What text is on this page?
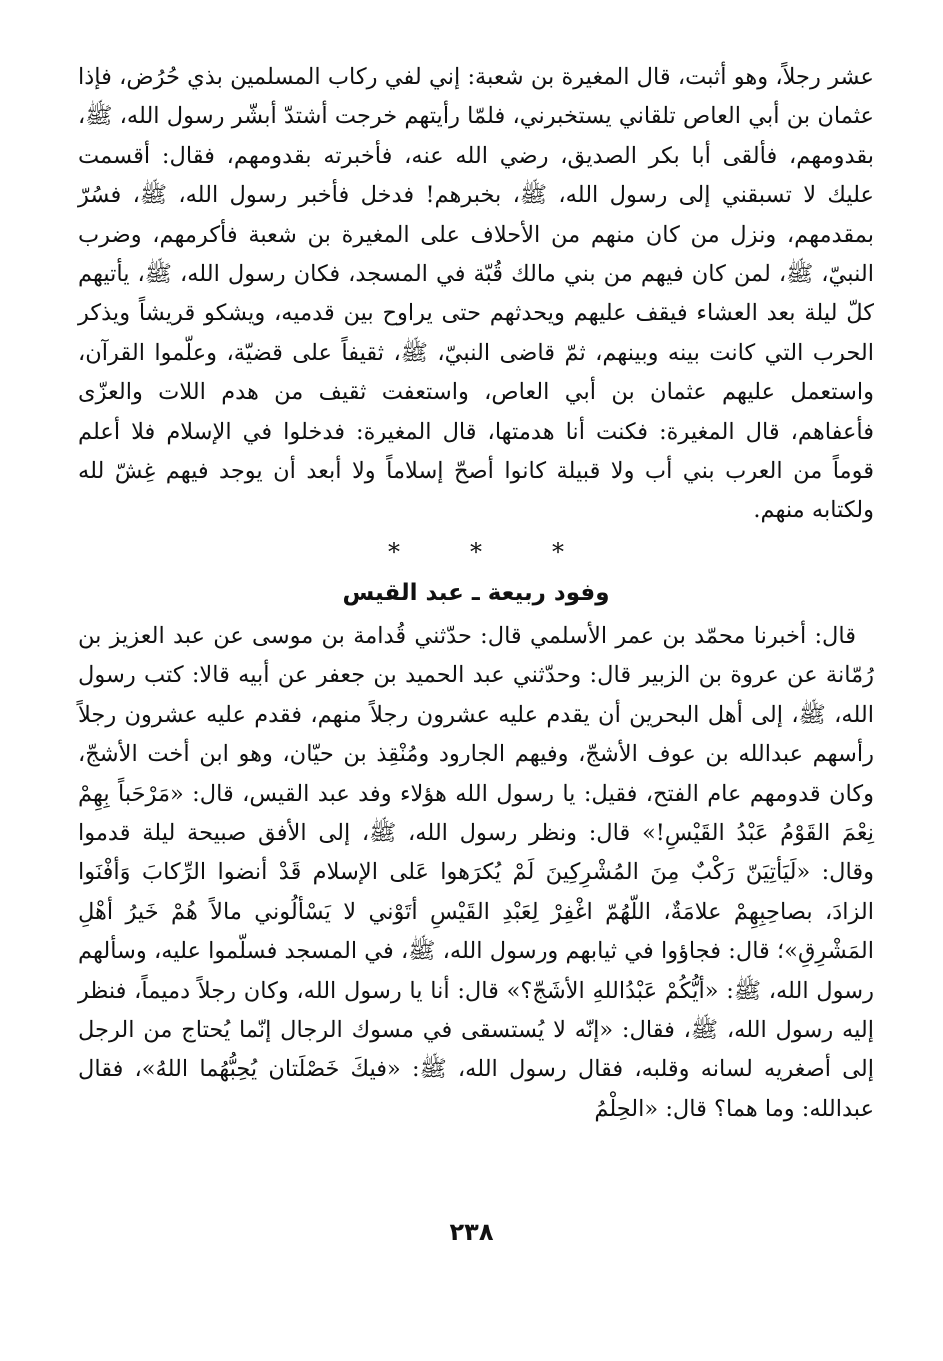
عشر رجلاً، وهو أثبت، قال المغيرة بن شعبة: إني لفي ركاب المسلمين بذي حُرُض، فإذا عثمان بن أبي العاص تلقاني يستخبرني، فلمّا رأيتهم خرجت أشتدّ أبشّر رسول الله، ﷺ، بقدومهم، فألقى أبا بكر الصديق، رضي الله عنه، فأخبرته بقدومهم، فقال: أقسمت عليك لا تسبقني إلى رسول الله، ﷺ، بخبرهم! فدخل فأخبر رسول الله، ﷺ، فسُرّ بمقدمهم، ونزل من كان منهم من الأحلاف على المغيرة بن شعبة فأكرمهم، وضرب النبيّ، ﷺ، لمن كان فيهم من بني مالك قُبّة في المسجد، فكان رسول الله، ﷺ، يأتيهم كلّ ليلة بعد العشاء فيقف عليهم ويحدثهم حتى يراوح بين قدميه، ويشكو قريشاً ويذكر الحرب التي كانت بينه وبينهم، ثمّ قاضى النبيّ، ﷺ، ثقيفاً على قضيّة، وعلّموا القرآن، واستعمل عليهم عثمان بن أبي العاص، واستعفت ثقيف من هدم اللات والعزّى فأعفاهم، قال المغيرة: فكنت أنا هدمتها، قال المغيرة: فدخلوا في الإسلام فلا أعلم قوماً من العرب بني أب ولا قبيلة كانوا أصحّ إسلاماً ولا أبعد أن يوجد فيهم غِشّ لله ولكتابه منهم.

*	*	*
وفود ربيعة ـ عبد القيس

قال: أخبرنا محمّد بن عمر الأسلمي قال: حدّثني قُدامة بن موسى عن عبد العزيز بن رُمّانة عن عروة بن الزبير قال: وحدّثني عبد الحميد بن جعفر عن أبيه قالا: كتب رسول الله، ﷺ، إلى أهل البحرين أن يقدم عليه عشرون رجلاً منهم، فقدم عليه عشرون رجلاً رأسهم عبدالله بن عوف الأشجّ، وفيهم الجارود ومُنْقِذ بن حيّان، وهو ابن أخت الأشجّ، وكان قدومهم عام الفتح، فقيل: يا رسول الله هؤلاء وفد عبد القيس، قال: «مَرْحَباً بِهِمْ نِعْمَ القَوْمُ عَبْدُ القَيْسِ!» قال: ونظر رسول الله، ﷺ، إلى الأفق صبيحة ليلة قدموا وقال: «لَيَأتِيَنّ رَكْبٌ مِنَ المُشْرِكِينَ لَمْ يُكرَهوا عَلى الإسلام قَدْ أنضوا الرِّكابَ وَأفْنَوا الزادَ، بصاحِبِهِمْ علامَةٌ، اللّهُمّ اغْفِرْ لِعَبْدِ القَيْسِ أتَوْني لا يَسْألُوني مالاً هُمْ خَيرُ أهْلِ المَشْرِقِ»؛ قال: فجاؤوا في ثيابهم ورسول الله، ﷺ، في المسجد فسلّموا عليه، وسألهم رسول الله، ﷺ: «أيُّكُمْ عَبْدُاللهِ الأشَجّ؟» قال: أنا يا رسول الله، وكان رجلاً دميماً، فنظر إليه رسول الله، ﷺ، فقال: «إنّه لا يُستسقى في مسوك الرجال إنّما يُحتاج من الرجل إلى أصغريه لسانه وقلبه، فقال رسول الله، ﷺ: «فيكَ خَصْلَتان يُحِبُّهُما اللهُ»، فقال عبدالله: وما هما؟ قال: «الحِلْمُ

٢٣٨
